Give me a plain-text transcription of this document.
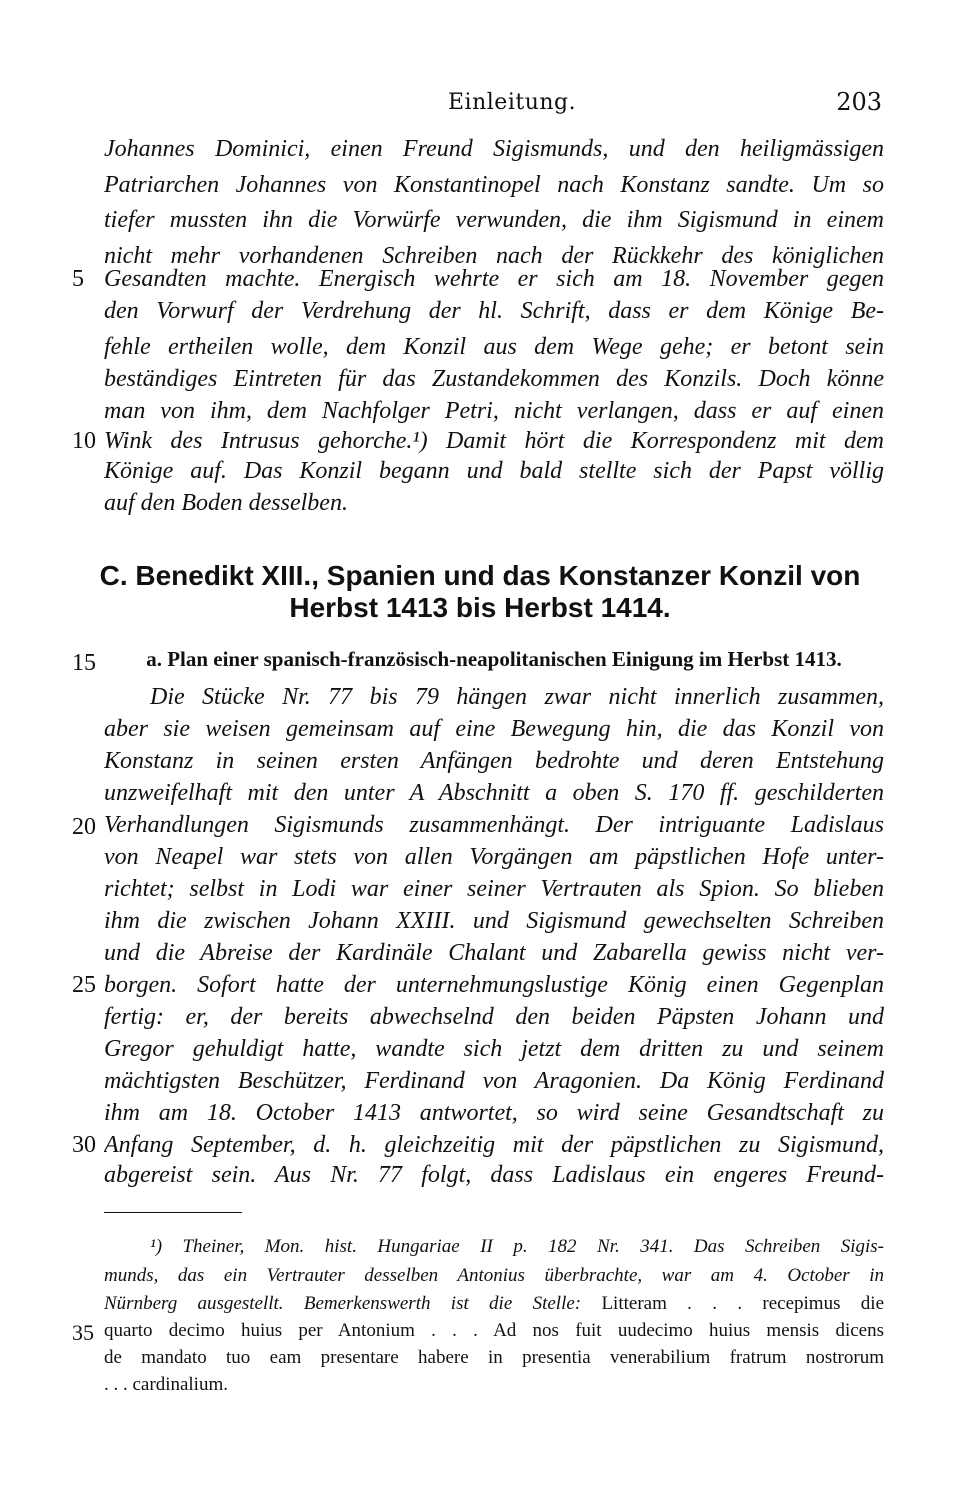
Einleitung.	203
Johannes Dominici, einen Freund Sigismunds, und den heiligmässigen
Patriarchen Johannes von Konstantinopel nach Konstanz sandte. Um so
tiefer mussten ihn die Vorwürfe verwunden, die ihm Sigismund in einem
nicht mehr vorhandenen Schreiben nach der Rückkehr des königlichen
5 Gesandten machte. Energisch wehrte er sich am 18. November gegen
den Vorwurf der Verdrehung der hl. Schrift, dass er dem Könige Be-
fehle ertheilen wolle, dem Konzil aus dem Wege gehe; er betont sein
beständiges Eintreten für das Zustandekommen des Konzils. Doch könne
man von ihm, dem Nachfolger Petri, nicht verlangen, dass er auf einen
10 Wink des Intrusus gehorche.¹) Damit hört die Korrespondenz mit dem
Könige auf. Das Konzil begann und bald stellte sich der Papst völlig
auf den Boden desselben.
C. Benedikt XIII., Spanien und das Konstanzer Konzil von
Herbst 1413 bis Herbst 1414.
15	a. Plan einer spanisch-französisch-neapolitanischen Einigung im Herbst 1413.
Die Stücke Nr. 77 bis 79 hängen zwar nicht innerlich zusammen,
aber sie weisen gemeinsam auf eine Bewegung hin, die das Konzil von
Konstanz in seinen ersten Anfängen bedrohte und deren Entstehung
unzweifelhaft mit den unter A Abschnitt a oben S. 170 ff. geschilderten
20 Verhandlungen Sigismunds zusammenhängt. Der intriguante Ladislaus
von Neapel war stets von allen Vorgängen am päpstlichen Hofe unter-
richtet; selbst in Lodi war einer seiner Vertrauten als Spion. So blieben
ihm die zwischen Johann XXIII. und Sigismund gewechselten Schreiben
und die Abreise der Kardinäle Chalant und Zabarella gewiss nicht ver-
25 borgen. Sofort hatte der unternehmungslustige König einen Gegenplan
fertig: er, der bereits abwechselnd den beiden Päpsten Johann und
Gregor gehuldigt hatte, wandte sich jetzt dem dritten zu und seinem
mächtigsten Beschützer, Ferdinand von Aragonien. Da König Ferdinand
ihm am 18. October 1413 antwortet, so wird seine Gesandtschaft zu
30 Anfang September, d. h. gleichzeitig mit der päpstlichen zu Sigismund,
abgereist sein. Aus Nr. 77 folgt, dass Ladislaus ein engeres Freund-
¹) Theiner, Mon. hist. Hungariae II p. 182 Nr. 341. Das Schreiben Sigis-
munds, das ein Vertrauter desselben Antonius überbrachte, war am 4. October in
Nürnberg ausgestellt. Bemerkenswerth ist die Stelle: Litteram . . . recepimus die
35 quarto decimo huius per Antonium . . . Ad nos fuit uudecimo huius mensis dicens
de mandato tuo eam presentare habere in presentia venerabilium fratrum nostrorum
. . . cardinalium.
